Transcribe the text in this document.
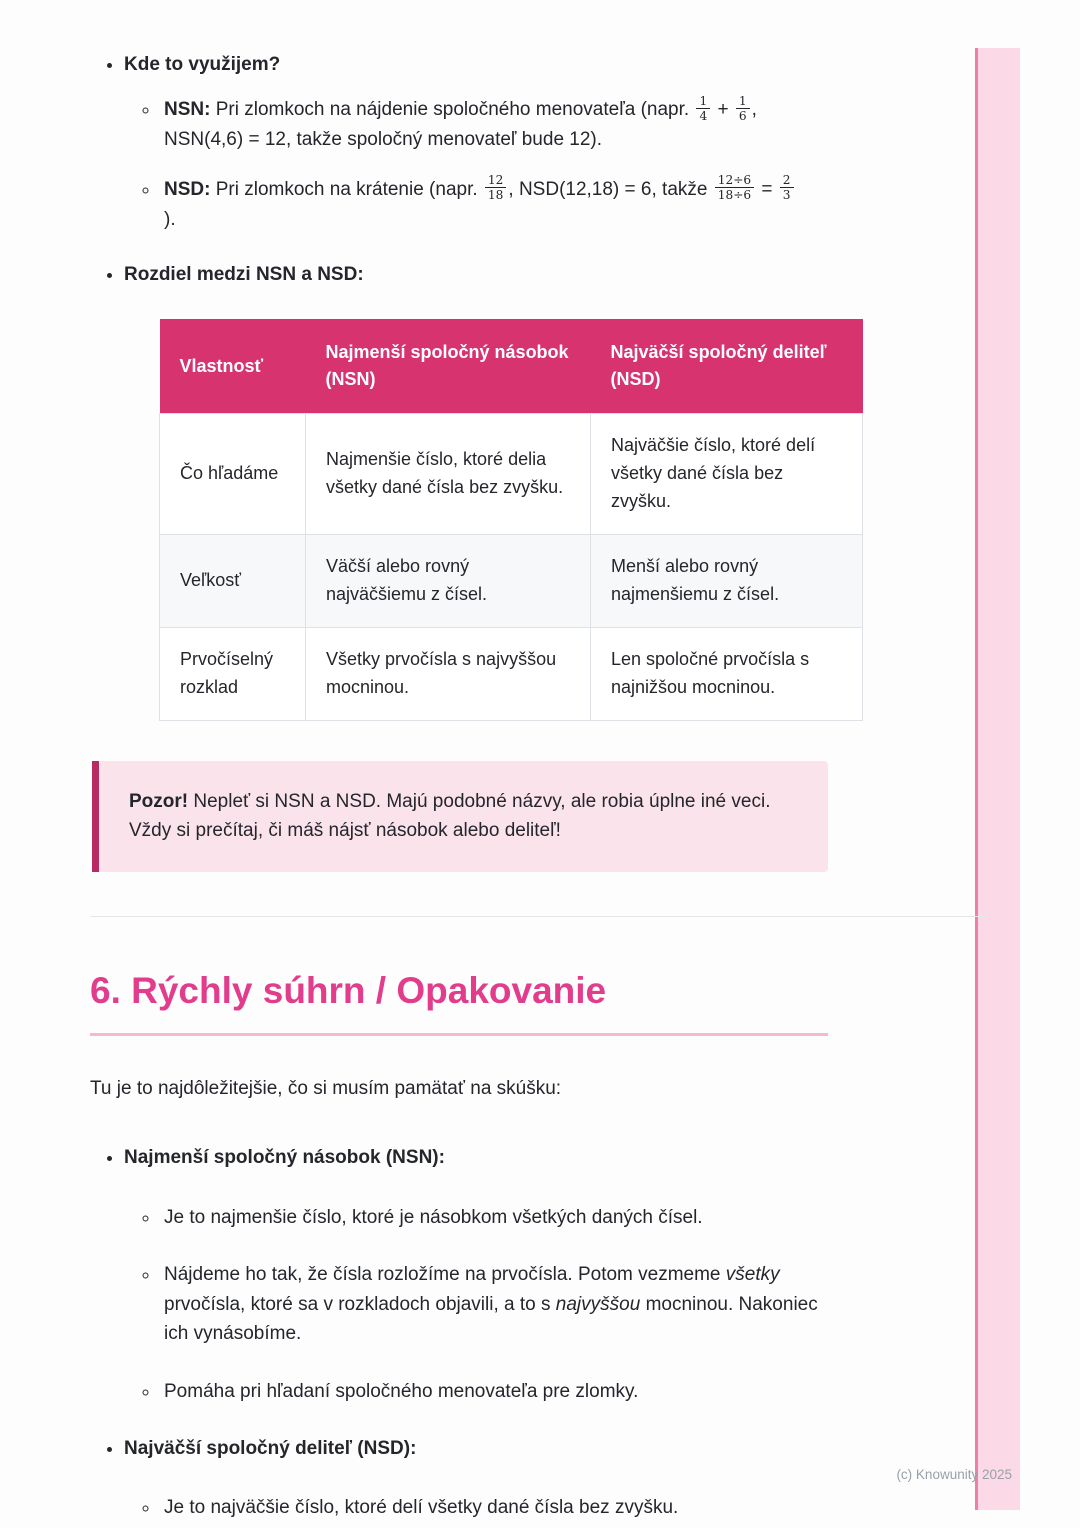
• Kde to využijem?
◦ NSN: Pri zlomkoch na nájdenie spoločného menovateľa (napr. $\frac{1}{4} + \frac{1}{6}$ ,
NSN(4,6) = 12, takže spoločný menovateľ bude 12).
◦ NSD: Pri zlomkoch na krátenie (napr. $\frac{12}{18}$ , NSD(12,18) = 6, takže $\frac{12\div 6}{18\div 6} = \frac{2}{3}$
).
• Rozdiel medzi NSN a NSD:
Vlastnosť	Najmenší spoločný násobok (NSN)	Najväčší spoločný deliteľ (NSD)
Čo hľadáme	Najmenšie číslo, ktoré delia všetky dané čísla bez zvyšku.	Najväčšie číslo, ktoré delí všetky dané čísla bez zvyšku.
Veľkosť	Väčší alebo rovný najväčšiemu z čísel.	Menší alebo rovný najmenšiemu z čísel.
Prvočíselný rozklad	Všetky prvočísla s najvyššou mocninou.	Len spoločné prvočísla s najnižšou mocninou.
Pozor! Nepleť si NSN a NSD. Majú podobné názvy, ale robia úplne iné veci. Vždy si prečítaj, či máš nájsť násobok alebo deliteľ!
6. Rýchly súhrn / Opakovanie

Tu je to najdôležitejšie, čo si musím pamätať na skúšku:

• Najmenší spoločný násobok (NSN):
◦ Je to najmenšie číslo, ktoré je násobkom všetkých daných čísel.
◦ Nájdeme ho tak, že čísla rozložíme na prvočísla. Potom vezmeme všetky prvočísla, ktoré sa v rozkladoch objavili, a to s najvyššou mocninou. Nakoniec ich vynásobíme.
◦ Pomáha pri hľadaní spoločného menovateľa pre zlomky.
• Najväčší spoločný deliteľ (NSD):
◦ Je to najväčšie číslo, ktoré delí všetky dané čísla bez zvyšku.
(c) Knowunity 2025
